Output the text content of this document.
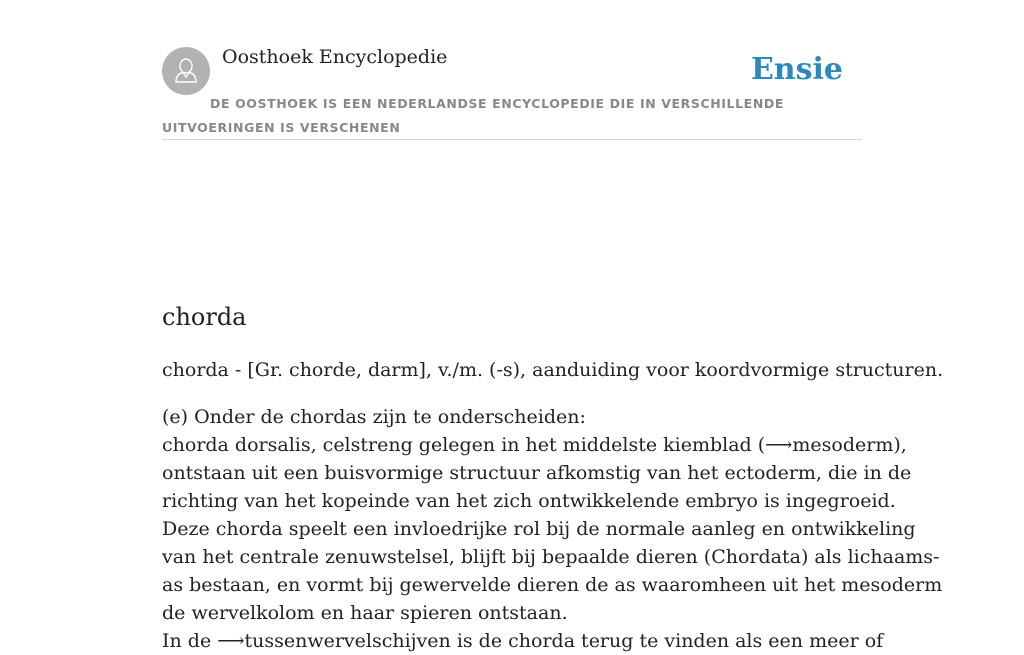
Oosthoek Encyclopedie	Ensie
DE OOSTHOEK IS EEN NEDERLANDSE ENCYCLOPEDIE DIE IN VERSCHILLENDE UITVOERINGEN IS VERSCHENEN
chorda

chorda - [Gr. chorde, darm], v./m. (-s), aanduiding voor koordvormige structuren.

(e) Onder de chordas zijn te onderscheiden:
chorda dorsalis, celstreng gelegen in het middelste kiemblad (⟶mesoderm),
ontstaan uit een buisvormige structuur afkomstig van het ectoderm, die in de
richting van het kopeinde van het zich ontwikkelende embryo is ingegroeid.
Deze chorda speelt een invloedrijke rol bij de normale aanleg en ontwikkeling
van het centrale zenuwstelsel, blijft bij bepaalde dieren (Chordata) als lichaams-
as bestaan, en vormt bij gewervelde dieren de as waaromheen uit het mesoderm
de wervelkolom en haar spieren ontstaan.
In de ⟶tussenwervelschijven is de chorda terug te vinden als een meer of
